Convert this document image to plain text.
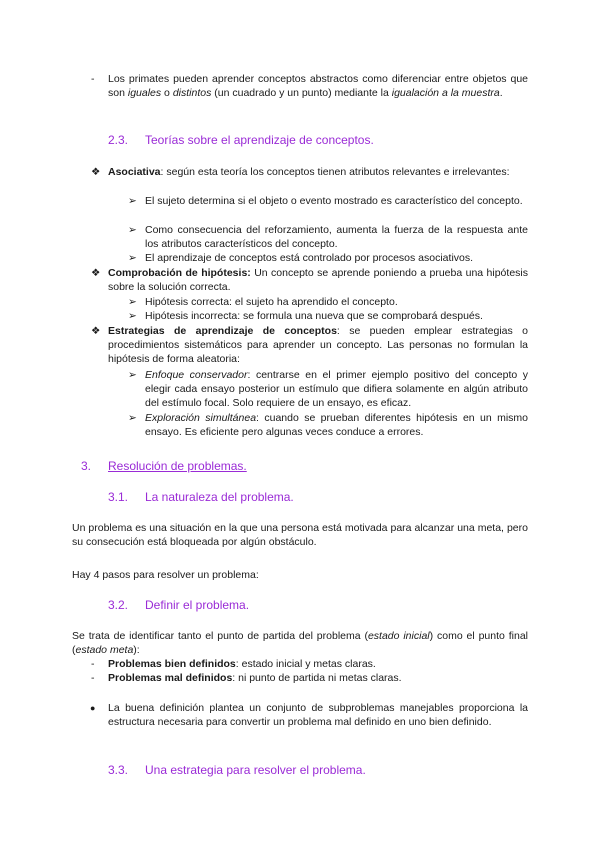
- Los primates pueden aprender conceptos abstractos como diferenciar entre objetos que son iguales o distintos (un cuadrado y un punto) mediante la igualación a la muestra.
2.3. Teorías sobre el aprendizaje de conceptos.
❖ Asociativa: según esta teoría los conceptos tienen atributos relevantes e irrelevantes:
➢ El sujeto determina si el objeto o evento mostrado es característico del concepto.
➢ Como consecuencia del reforzamiento, aumenta la fuerza de la respuesta ante los atributos característicos del concepto.
➢ El aprendizaje de conceptos está controlado por procesos asociativos.
❖ Comprobación de hipótesis: Un concepto se aprende poniendo a prueba una hipótesis sobre la solución correcta.
➢ Hipótesis correcta: el sujeto ha aprendido el concepto.
➢ Hipótesis incorrecta: se formula una nueva que se comprobará después.
❖ Estrategias de aprendizaje de conceptos: se pueden emplear estrategias o procedimientos sistemáticos para aprender un concepto. Las personas no formulan la hipótesis de forma aleatoria:
➢ Enfoque conservador: centrarse en el primer ejemplo positivo del concepto y elegir cada ensayo posterior un estímulo que difiera solamente en algún atributo del estímulo focal. Solo requiere de un ensayo, es eficaz.
➢ Exploración simultánea: cuando se prueban diferentes hipótesis en un mismo ensayo. Es eficiente pero algunas veces conduce a errores.
3. Resolución de problemas.
3.1. La naturaleza del problema.
Un problema es una situación en la que una persona está motivada para alcanzar una meta, pero su consecución está bloqueada por algún obstáculo.
Hay 4 pasos para resolver un problema:
3.2. Definir el problema.
Se trata de identificar tanto el punto de partida del problema (estado inicial) como el punto final (estado meta):
- Problemas bien definidos: estado inicial y metas claras.
- Problemas mal definidos: ni punto de partida ni metas claras.
● La buena definición plantea un conjunto de subproblemas manejables proporciona la estructura necesaria para convertir un problema mal definido en uno bien definido.
3.3. Una estrategia para resolver el problema.
